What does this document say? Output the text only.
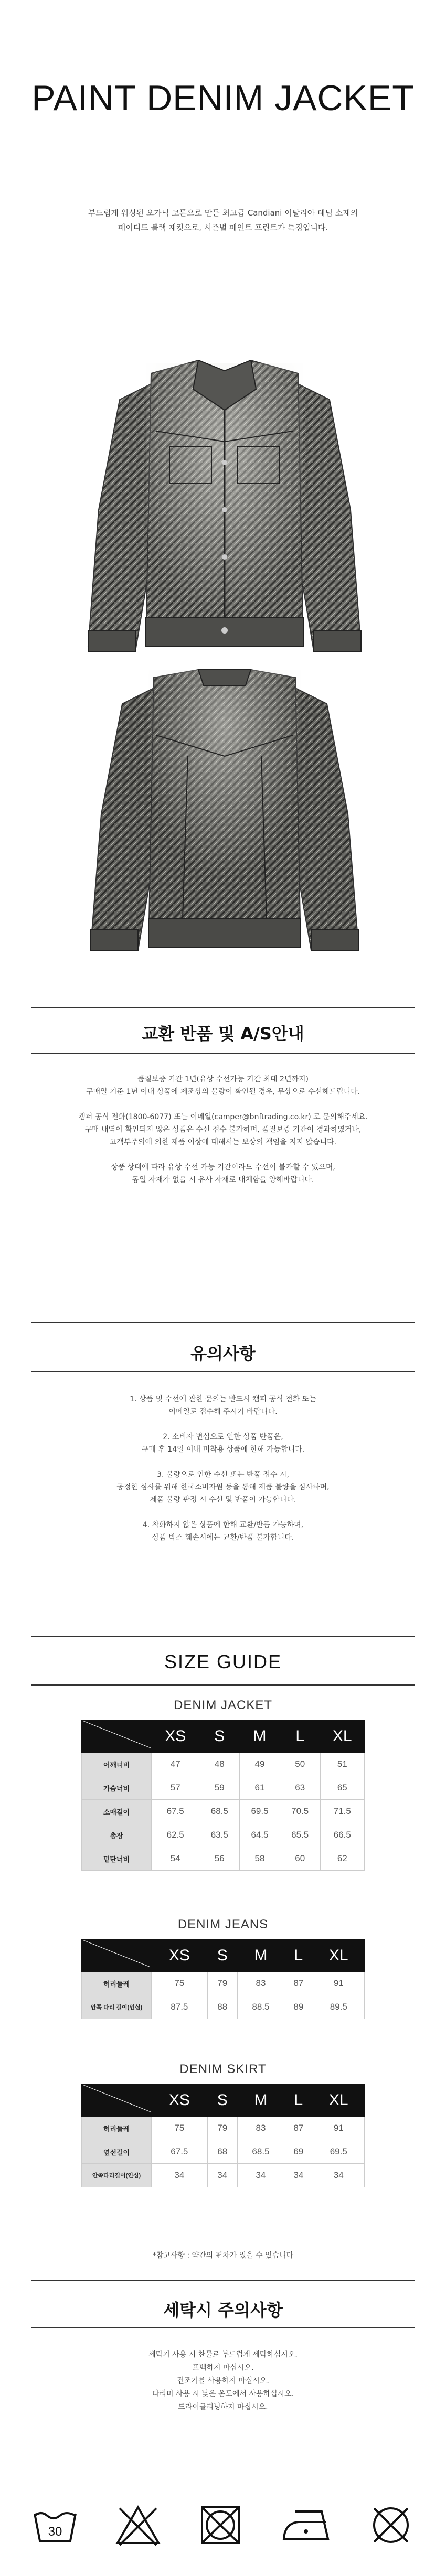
PAINT DENIM JACKET
부드럽게 워싱된 오가닉 코튼으로 만든 최고급 Candiani 이탈리아 데님 소재의
페이디드 블랙 재킷으로, 시즌별 페인트 프린트가 특징입니다.
교환 반품 및 A/S안내
품질보증 기간 1년(유상 수선가능 기간 최대 2년까지)
구매일 기준 1년 이내 상품에 제조상의 불량이 확인될 경우, 무상으로 수선해드립니다.

캠퍼 공식 전화(1800-6077) 또는 이메일(camper@bnftrading.co.kr) 로 문의해주세요.
구매 내역이 확인되지 않은 상품은 수선 접수 불가하며, 품질보증 기간이 경과하였거나,
고객부주의에 의한 제품 이상에 대해서는 보상의 책임을 지지 않습니다.

상품 상태에 따라 유상 수선 가능 기간이라도 수선이 불가할 수 있으며,
동일 자재가 없을 시 유사 자재로 대체함을 양해바랍니다.
유의사항
1. 상품 및 수선에 관한 문의는 반드시 캠퍼 공식 전화 또는
이메일로 접수해 주시기 바랍니다.

2. 소비자 변심으로 인한 상품 반품은,
구매 후 14일 이내 미착용 상품에 한해 가능합니다.

3. 불량으로 인한 수선 또는 반품 접수 시,
공정한 심사를 위해 한국소비자원 등을 통해 제품 불량을 심사하며,
제품 불량 판정 시 수선 및 반품이 가능합니다.

4. 착화하지 않은 상품에 한해 교환/반품 가능하며,
상품 박스 훼손시에는 교환/반품 불가합니다.
SIZE GUIDE
DENIM JACKET
	XS	S	M	L	XL
어깨너비	47	48	49	50	51
가슴너비	57	59	61	63	65
소매길이	67.5	68.5	69.5	70.5	71.5
총장	62.5	63.5	64.5	65.5	66.5
밑단너비	54	56	58	60	62
DENIM JEANS
	XS	S	M	L	XL
허리둘레	75	79	83	87	91
안쪽 다리 길이(인심)	87.5	88	88.5	89	89.5
DENIM SKIRT
	XS	S	M	L	XL
허리둘레	75	79	83	87	91
옆선길이	67.5	68	68.5	69	69.5
안쪽다리길이(인심)	34	34	34	34	34
*참고사항 : 약간의 편차가 있을 수 있습니다
세탁시 주의사항
세탁기 사용 시 찬물로 부드럽게 세탁하십시오.
표백하지 마십시오.
건조기를 사용하지 마십시오.
다리미 사용 시 낮은 온도에서 사용하십시오.
드라이클리닝하지 마십시오.
30
